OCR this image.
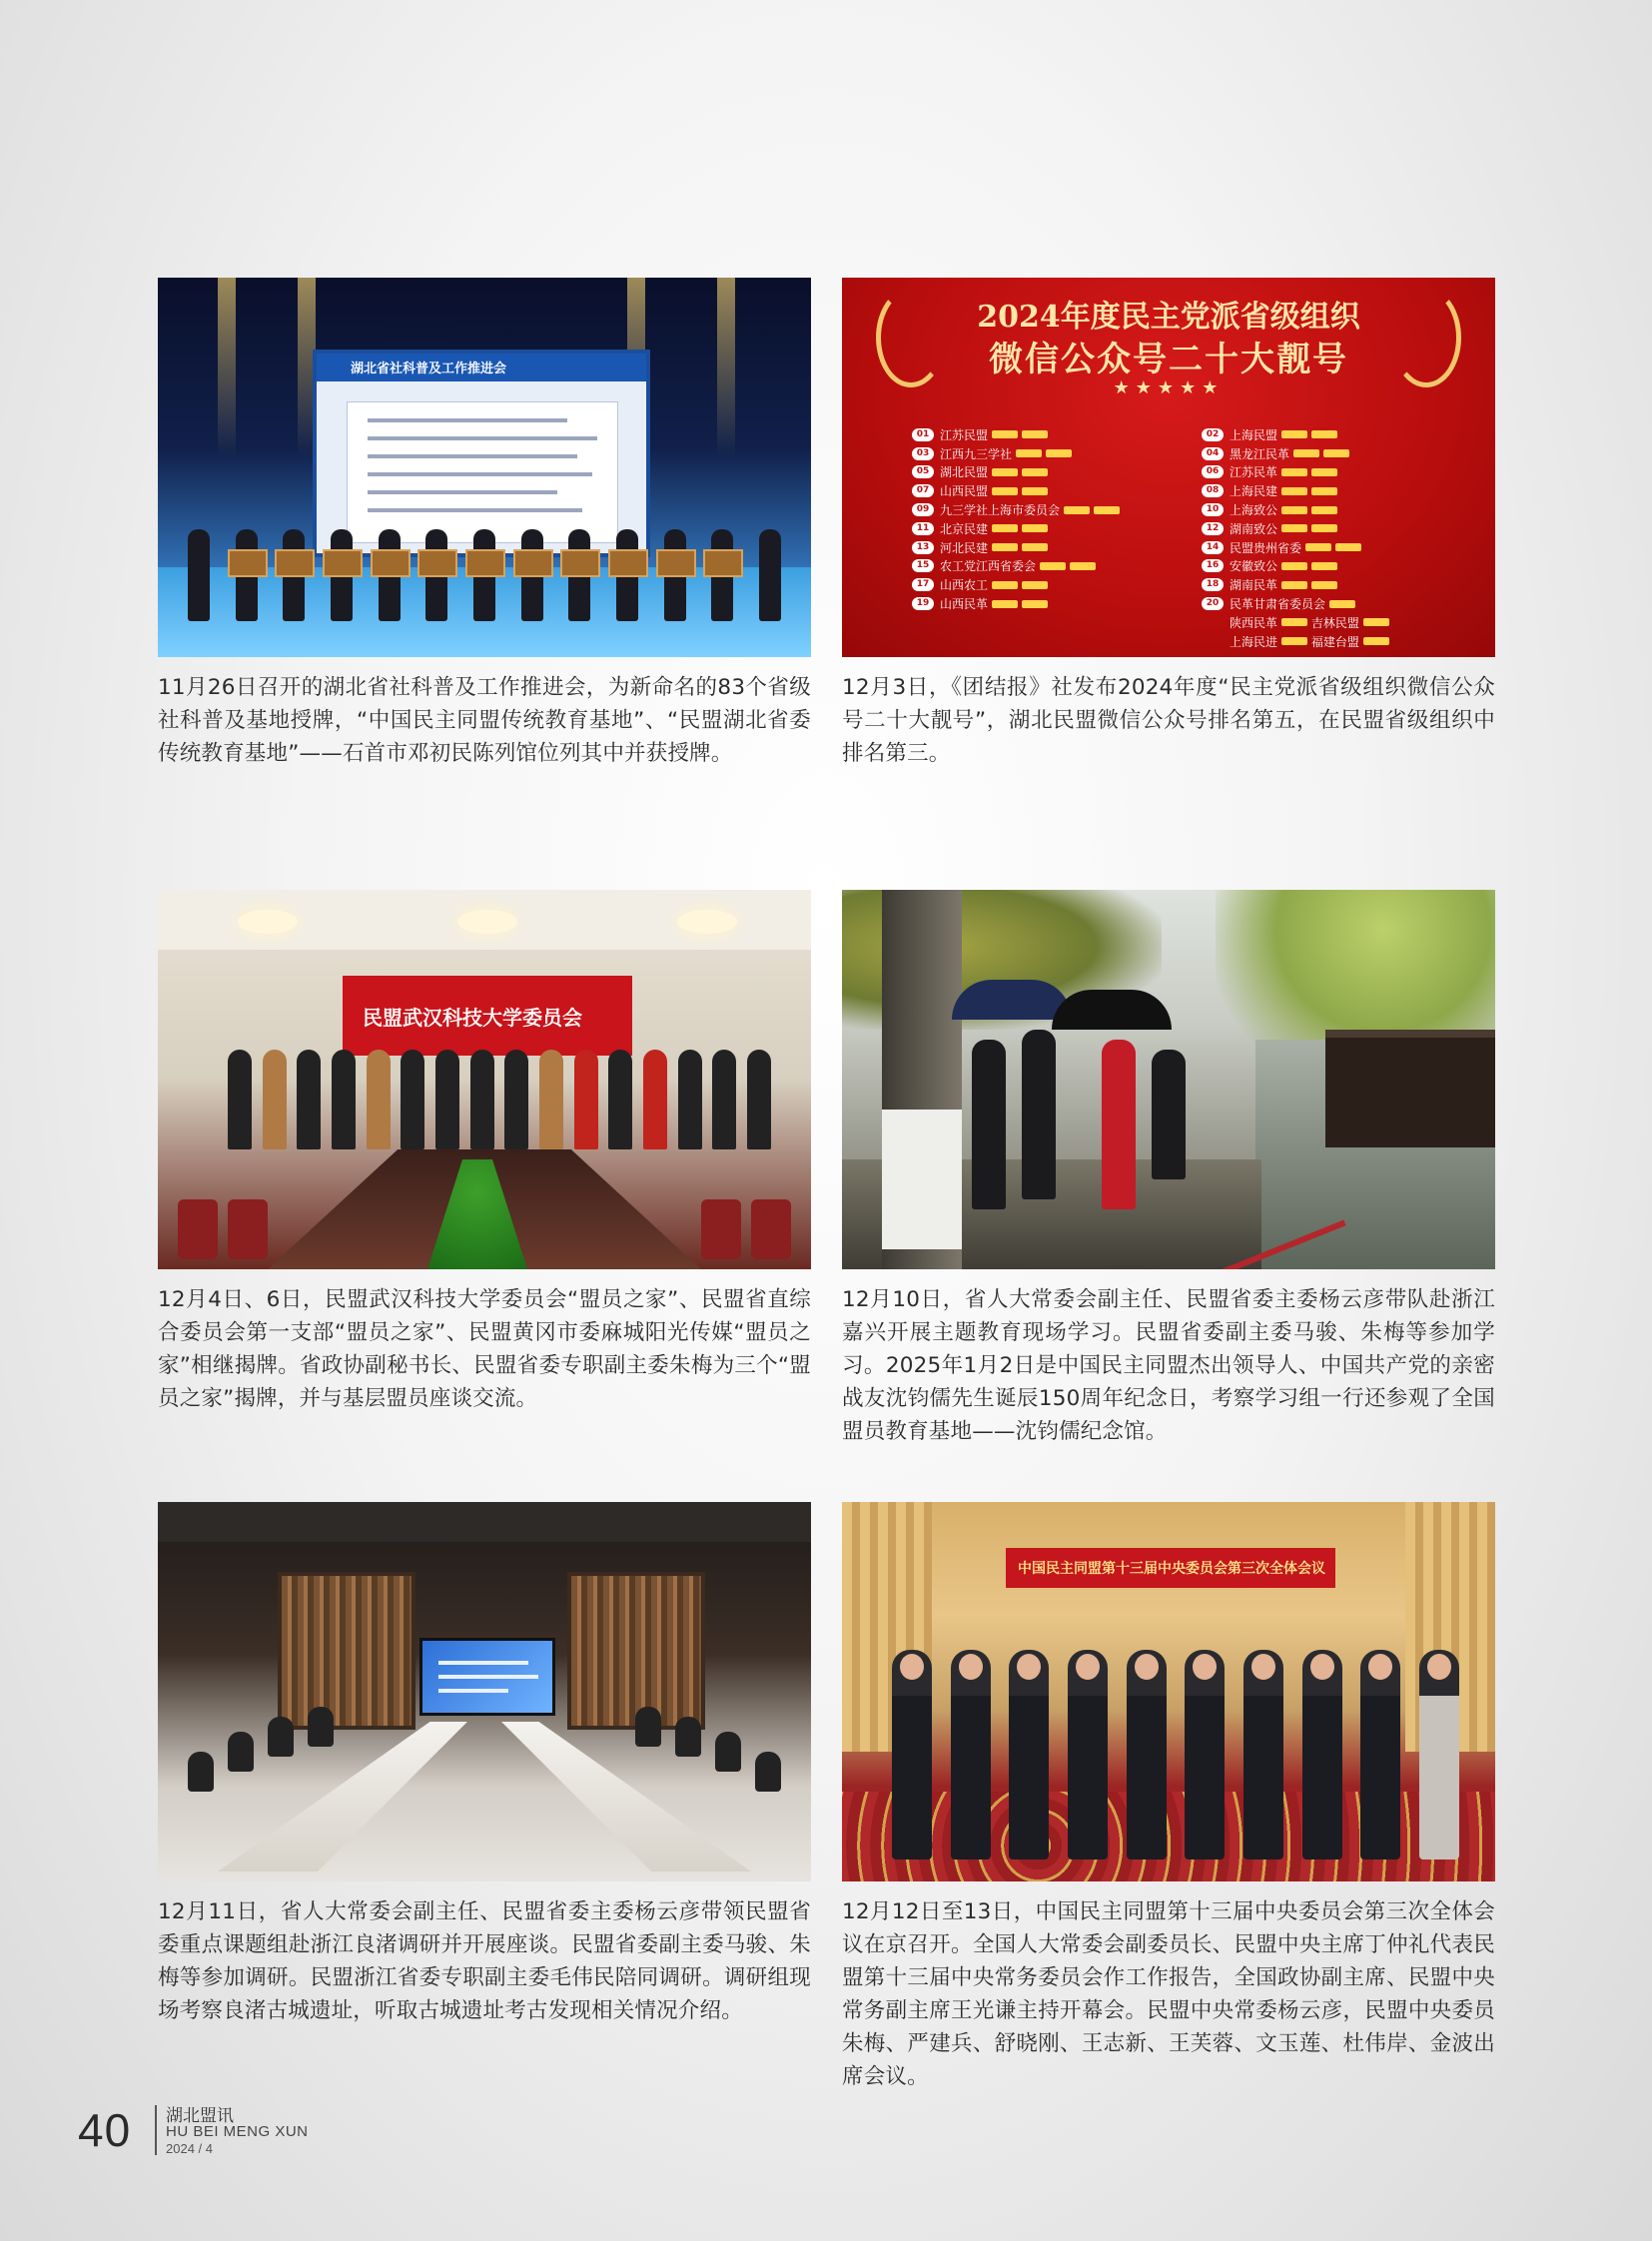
湖北省社科普及工作推进会
11月26日召开的湖北省社科普及工作推进会，为新命名的83个省级社科普及基地授牌，“中国民主同盟传统教育基地”、“民盟湖北省委传统教育基地”——石首市邓初民陈列馆位列其中并获授牌。
2024年度民主党派省级组织
微信公众号二十大靓号
★★★★★
01 江苏民盟
03 江西九三学社
05 湖北民盟
07 山西民盟
09 九三学社上海市委员会
11 北京民建
13 河北民建
15 农工党江西省委会
17 山西农工
19 山西民革
02 上海民盟
04 黑龙江民革
06 江苏民革
08 上海民建
10 上海致公
12 湖南致公
14 民盟贵州省委
16 安徽致公
18 湖南民革
20 民革甘肃省委员会
陕西民革
	吉林民盟
上海民进
	福建台盟
12月3日，《团结报》社发布2024年度“民主党派省级组织微信公众号二十大靓号”，湖北民盟微信公众号排名第五，在民盟省级组织中排名第三。
民盟武汉科技大学委员会
12月4日、6日，民盟武汉科技大学委员会“盟员之家”、民盟省直综合委员会第一支部“盟员之家”、民盟黄冈市委麻城阳光传媒“盟员之家”相继揭牌。省政协副秘书长、民盟省委专职副主委朱梅为三个“盟员之家”揭牌，并与基层盟员座谈交流。
12月10日，省人大常委会副主任、民盟省委主委杨云彦带队赴浙江嘉兴开展主题教育现场学习。民盟省委副主委马骏、朱梅等参加学习。2025年1月2日是中国民主同盟杰出领导人、中国共产党的亲密战友沈钧儒先生诞辰150周年纪念日，考察学习组一行还参观了全国盟员教育基地——沈钧儒纪念馆。
12月11日，省人大常委会副主任、民盟省委主委杨云彦带领民盟省委重点课题组赴浙江良渚调研并开展座谈。民盟省委副主委马骏、朱梅等参加调研。民盟浙江省委专职副主委毛伟民陪同调研。调研组现场考察良渚古城遗址，听取古城遗址考古发现相关情况介绍。
中国民主同盟第十三届中央委员会第三次全体会议
12月12日至13日，中国民主同盟第十三届中央委员会第三次全体会议在京召开。全国人大常委会副委员长、民盟中央主席丁仲礼代表民盟第十三届中央常务委员会作工作报告，全国政协副主席、民盟中央常务副主席王光谦主持开幕会。民盟中央常委杨云彦，民盟中央委员朱梅、严建兵、舒晓刚、王志新、王芙蓉、文玉莲、杜伟岸、金波出席会议。
40 湖北盟讯
HU BEI MENG XUN
2024 / 4
